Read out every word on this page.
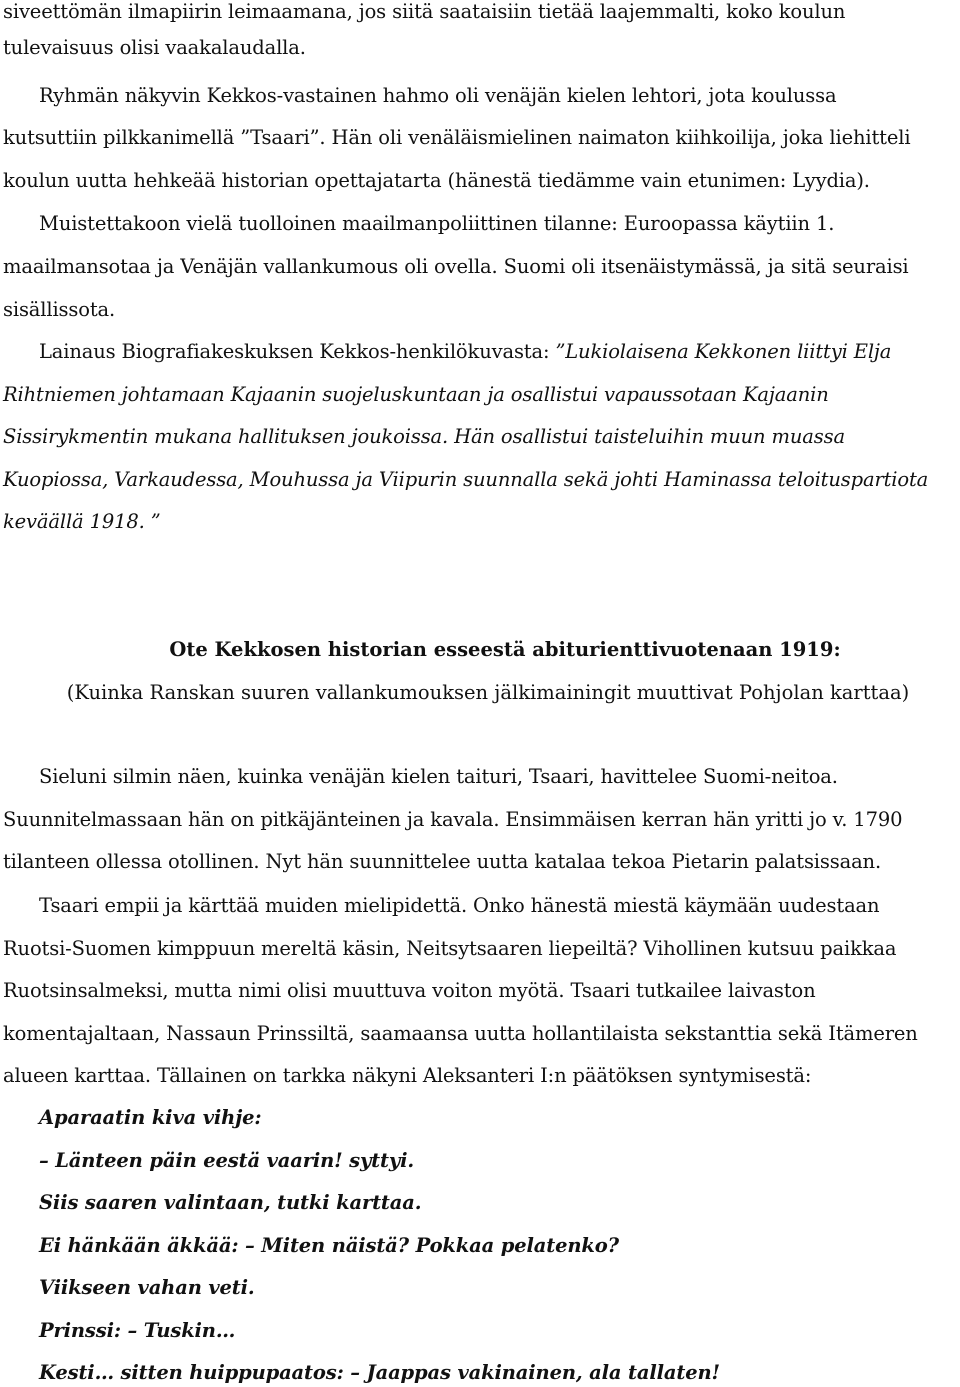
siveettömän ilmapiirin leimaamana, jos siitä saataisiin tietää laajemmalti, koko koulun
tulevaisuus olisi vaakalaudalla.
Ryhmän näkyvin Kekkos-vastainen hahmo oli venäjän kielen lehtori, jota koulussa
kutsuttiin pilkkanimellä ”Tsaari”. Hän oli venäläismielinen naimaton kiihkoilija, joka liehitteli
koulun uutta hehkeää historian opettajatarta (hänestä tiedämme vain etunimen: Lyydia).
Muistettakoon vielä tuolloinen maailmanpoliittinen tilanne: Euroopassa käytiin 1.
maailmansotaa ja Venäjän vallankumous oli ovella. Suomi oli itsenäistymässä, ja sitä seuraisi
sisällissota.
Lainaus Biografiakeskuksen Kekkos-henkilökuvasta: ”Lukiolaisena Kekkonen liittyi Elja
Rihtniemen johtamaan Kajaanin suojeluskuntaan ja osallistui vapaussotaan Kajaanin
Sissirykmentin mukana hallituksen joukoissa. Hän osallistui taisteluihin muun muassa
Kuopiossa, Varkaudessa, Mouhussa ja Viipurin suunnalla sekä johti Haminassa teloituspartiota
keväällä 1918. ”
Ote Kekkosen historian esseestä abiturienttivuotenaan 1919:
(Kuinka Ranskan suuren vallankumouksen jälkimainingit muuttivat Pohjolan karttaa)
Sieluni silmin näen, kuinka venäjän kielen taituri, Tsaari, havittelee Suomi-neitoa.
Suunnitelmassaan hän on pitkäjänteinen ja kavala. Ensimmäisen kerran hän yritti jo v. 1790
tilanteen ollessa otollinen. Nyt hän suunnittelee uutta katalaa tekoa Pietarin palatsissaan.
Tsaari empii ja kärttää muiden mielipidettä. Onko hänestä miestä käymään uudestaan
Ruotsi-Suomen kimppuun mereltä käsin, Neitsytsaaren liepeiltä? Vihollinen kutsuu paikkaa
Ruotsinsalmeksi, mutta nimi olisi muuttuva voiton myötä. Tsaari tutkailee laivaston
komentajaltaan, Nassaun Prinssiltä, saamaansa uutta hollantilaista sekstanttia sekä Itämeren
alueen karttaa. Tällainen on tarkka näkyni Aleksanteri I:n päätöksen syntymisestä:
Aparaatin kiva vihje:
– Länteen päin eestä vaarin! syttyi.
Siis saaren valintaan, tutki karttaa.
Ei hänkään äkkää: – Miten näistä? Pokkaa pelatenko?
Viikseen vahan veti.
Prinssi: – Tuskin…
Kesti… sitten huippupaatos: – Jaappas vakinainen, ala tallaten!
